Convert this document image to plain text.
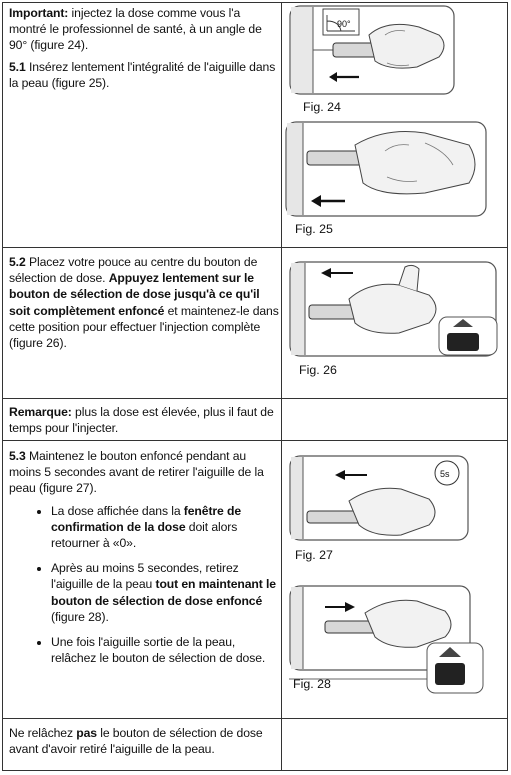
Important: injectez la dose comme vous l'a montré le professionnel de santé, à un angle de 90° (figure 24).

5.1 Insérez lentement l'intégralité de l'aiguille dans la peau (figure 25).

5.2 Placez votre pouce au centre du bouton de sélection de dose. Appuyez lentement sur le bouton de sélection de dose jusqu'à ce qu'il soit complètement enfoncé et maintenez-le dans cette position pour effectuer l'injection complète (figure 26).

Remarque: plus la dose est élevée, plus il faut de temps pour l'injecter.

5.3 Maintenez le bouton enfoncé pendant au moins 5 secondes avant de retirer l'aiguille de la peau (figure 27).

• La dose affichée dans la fenêtre de confirmation de la dose doit alors retourner à «0».
• Après au moins 5 secondes, retirez l'aiguille de la peau tout en maintenant le bouton de sélection de dose enfoncé (figure 28).
• Une fois l'aiguille sortie de la peau, relâchez le bouton de sélection de dose.

Ne relâchez pas le bouton de sélection de dose avant d'avoir retiré l'aiguille de la peau.

90°
Fig. 24
Fig. 25
Fig. 26
5s
Fig. 27
Fig. 28
